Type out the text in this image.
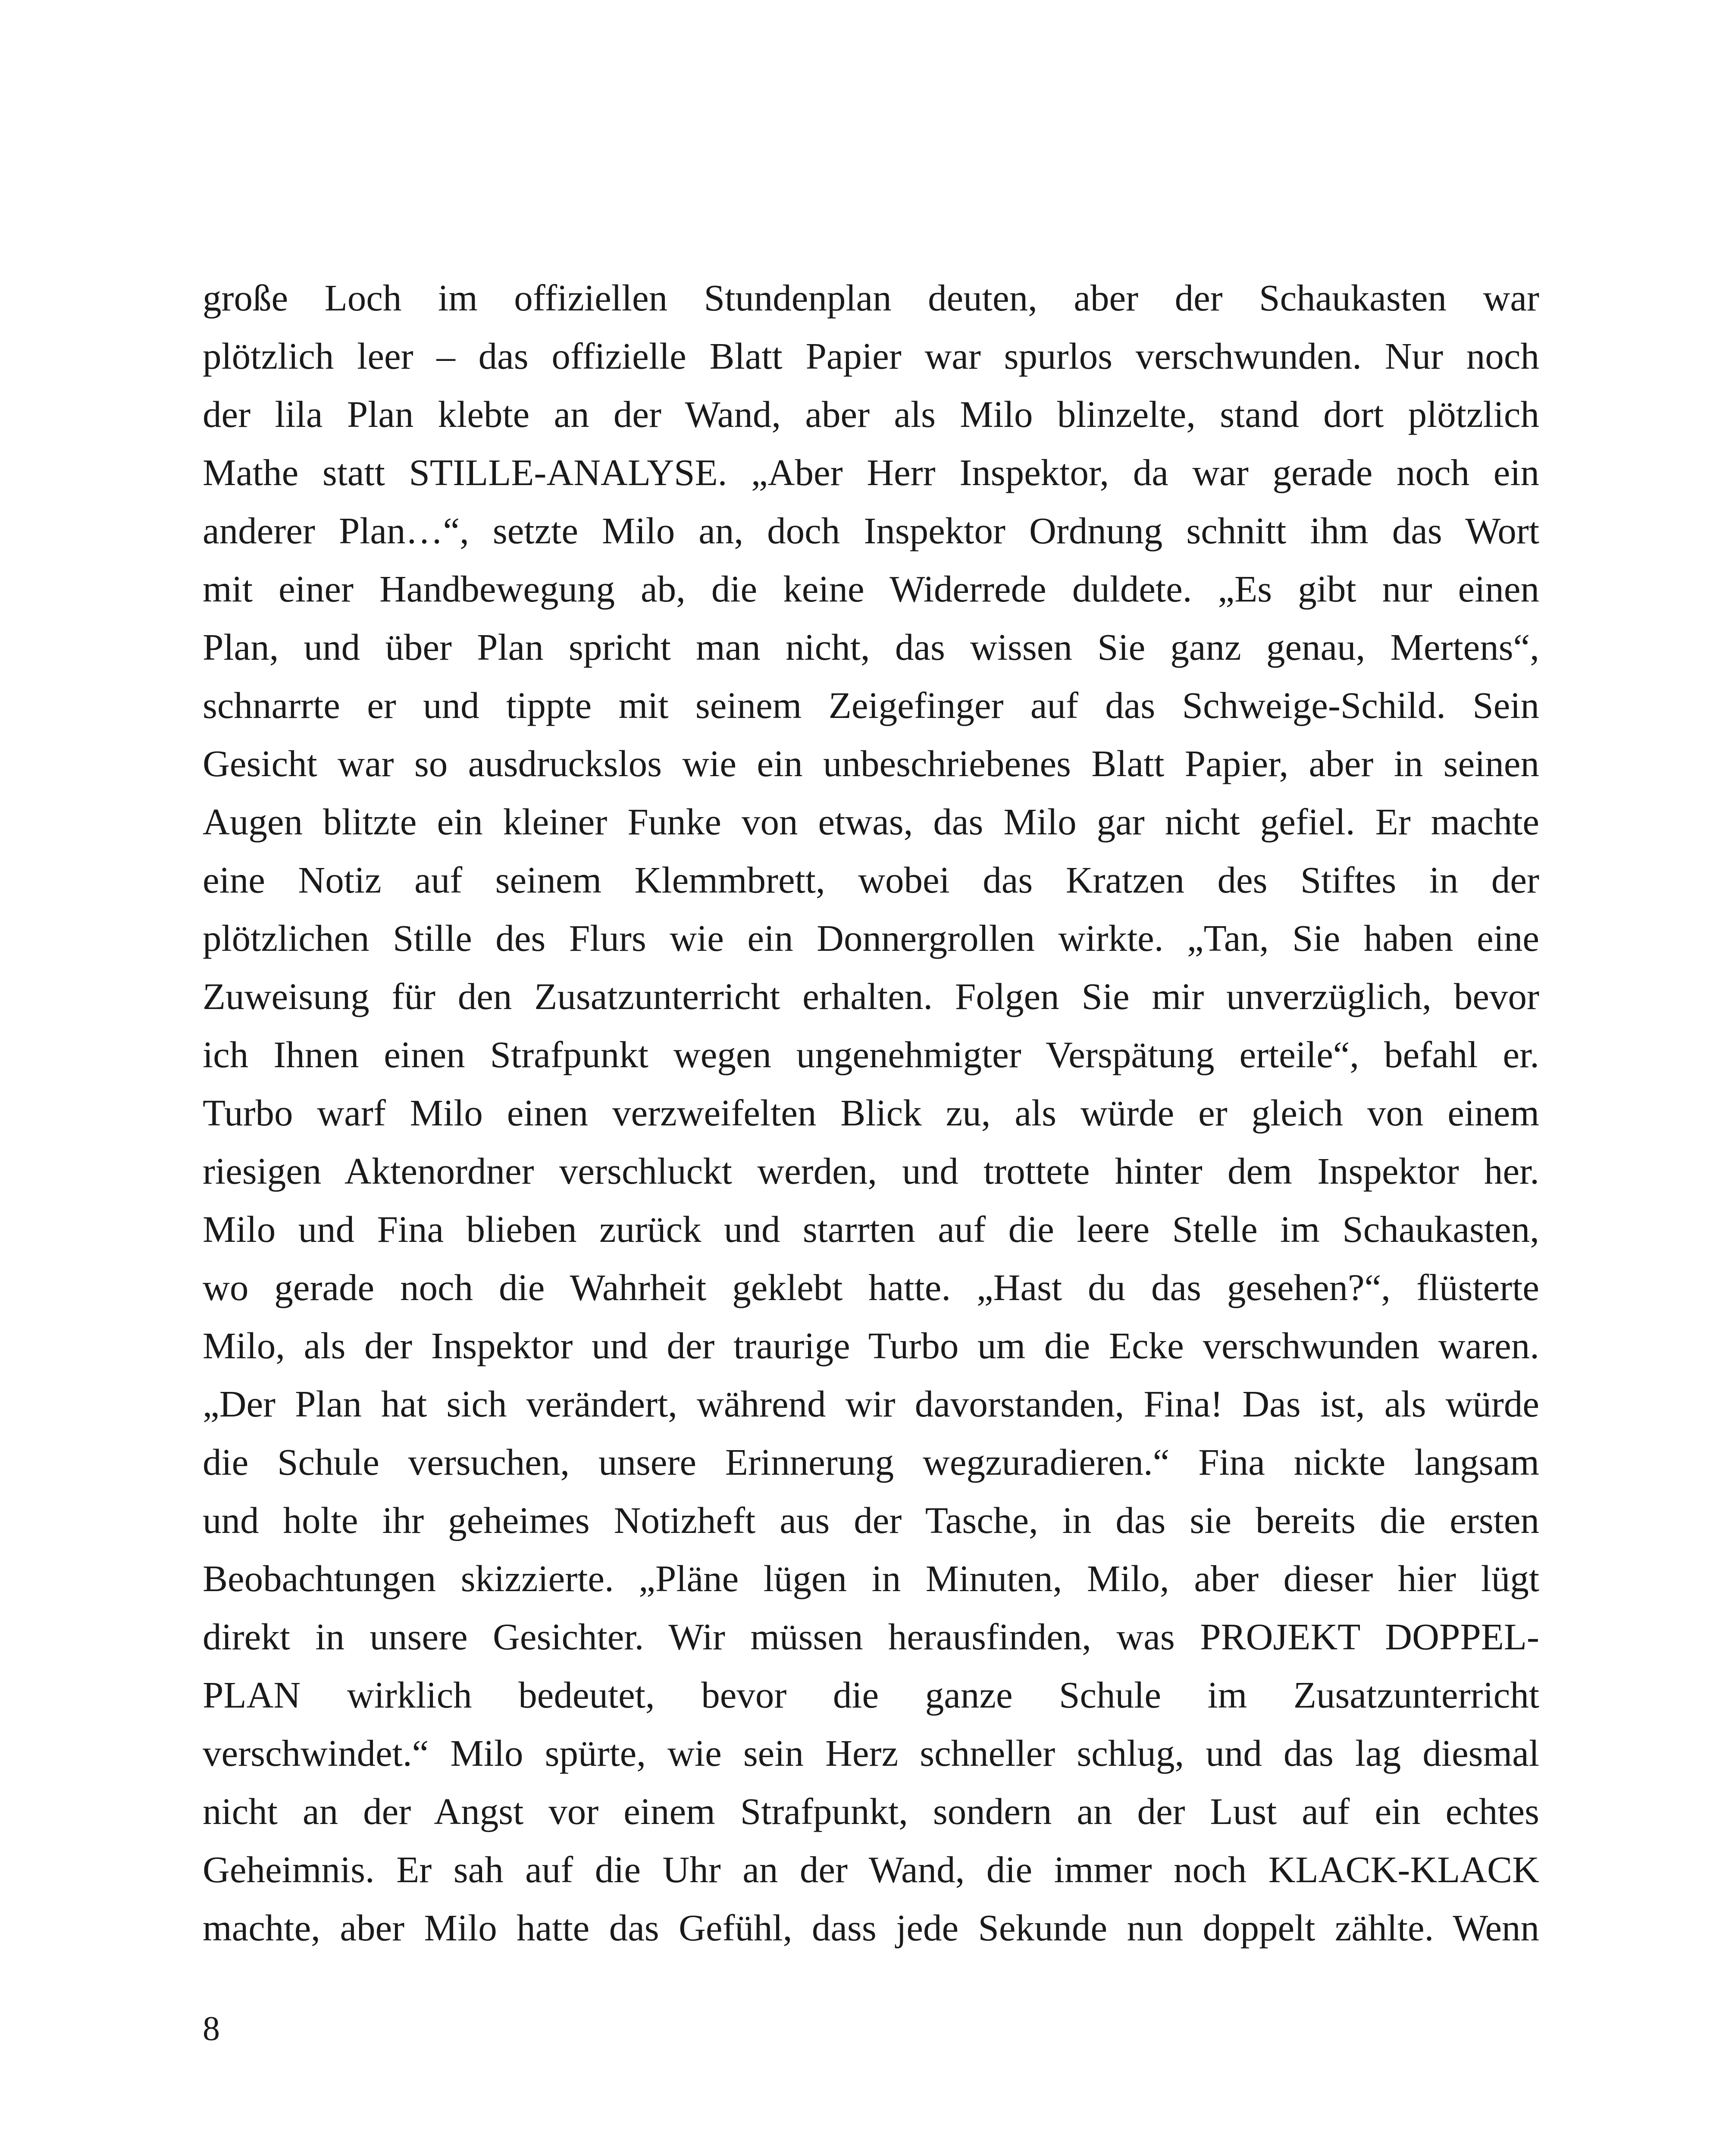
große Loch im offiziellen Stundenplan deuten, aber der Schaukasten war
plötzlich leer – das offizielle Blatt Papier war spurlos verschwunden. Nur noch
der lila Plan klebte an der Wand, aber als Milo blinzelte, stand dort plötzlich
Mathe statt STILLE-ANALYSE. „Aber Herr Inspektor, da war gerade noch ein
anderer Plan…“, setzte Milo an, doch Inspektor Ordnung schnitt ihm das Wort
mit einer Handbewegung ab, die keine Widerrede duldete. „Es gibt nur einen
Plan, und über Plan spricht man nicht, das wissen Sie ganz genau, Mertens“,
schnarrte er und tippte mit seinem Zeigefinger auf das Schweige-Schild. Sein
Gesicht war so ausdruckslos wie ein unbeschriebenes Blatt Papier, aber in seinen
Augen blitzte ein kleiner Funke von etwas, das Milo gar nicht gefiel. Er machte
eine Notiz auf seinem Klemmbrett, wobei das Kratzen des Stiftes in der
plötzlichen Stille des Flurs wie ein Donnergrollen wirkte. „Tan, Sie haben eine
Zuweisung für den Zusatzunterricht erhalten. Folgen Sie mir unverzüglich, bevor
ich Ihnen einen Strafpunkt wegen ungenehmigter Verspätung erteile“, befahl er.
Turbo warf Milo einen verzweifelten Blick zu, als würde er gleich von einem
riesigen Aktenordner verschluckt werden, und trottete hinter dem Inspektor her.
Milo und Fina blieben zurück und starrten auf die leere Stelle im Schaukasten,
wo gerade noch die Wahrheit geklebt hatte. „Hast du das gesehen?“, flüsterte
Milo, als der Inspektor und der traurige Turbo um die Ecke verschwunden waren.
„Der Plan hat sich verändert, während wir davorstanden, Fina! Das ist, als würde
die Schule versuchen, unsere Erinnerung wegzuradieren.“ Fina nickte langsam
und holte ihr geheimes Notizheft aus der Tasche, in das sie bereits die ersten
Beobachtungen skizzierte. „Pläne lügen in Minuten, Milo, aber dieser hier lügt
direkt in unsere Gesichter. Wir müssen herausfinden, was PROJEKT DOPPEL-
PLAN wirklich bedeutet, bevor die ganze Schule im Zusatzunterricht
verschwindet.“ Milo spürte, wie sein Herz schneller schlug, und das lag diesmal
nicht an der Angst vor einem Strafpunkt, sondern an der Lust auf ein echtes
Geheimnis. Er sah auf die Uhr an der Wand, die immer noch KLACK-KLACK
machte, aber Milo hatte das Gefühl, dass jede Sekunde nun doppelt zählte. Wenn
8
